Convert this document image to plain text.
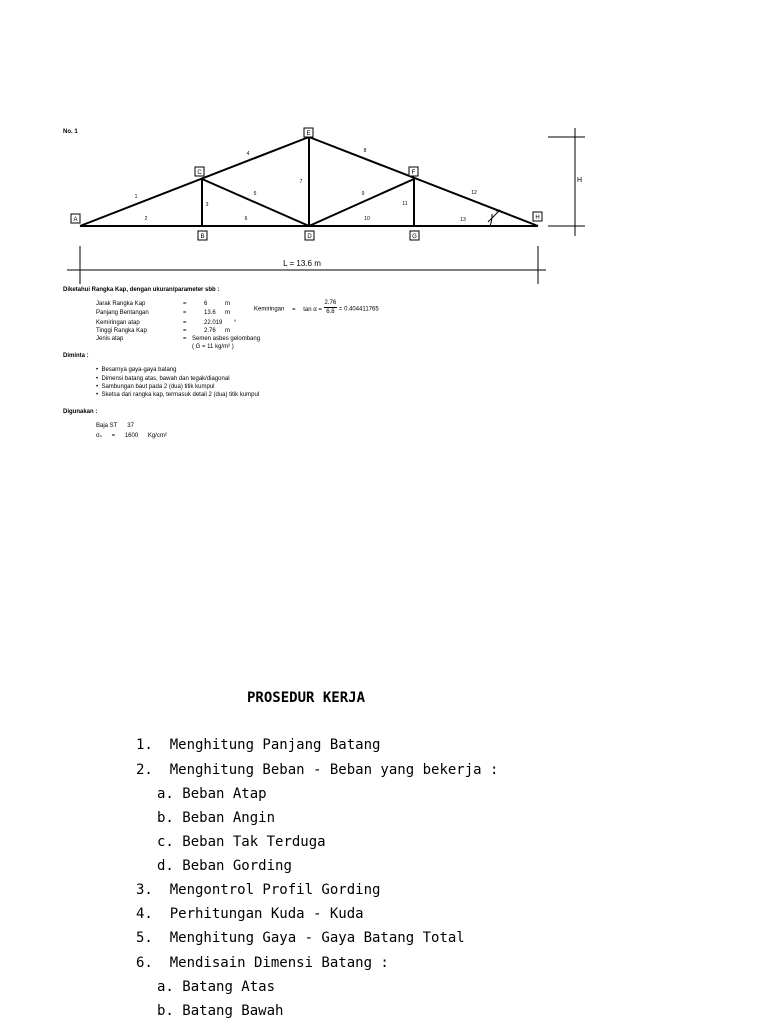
No. 1
A
B
C
D
E
F
G
H
1
2
3
4
5
6
7
8
9
10
11
12
13
H
L = 13.6 m
Diketahui Rangka Kap, dengan ukuran/parameter sbb :
Jarak Rangka Kap	=	6	m
Panjang Bentangan	=	13.6 m
Kemiringan atap	=	22.019 °
Tinggi Rangka Kap	=	2.76 m
Jenis atap	= Semen asbes gelombang
( G = 11 kg/m² )
Kemiringan = $\tan \alpha = \frac{2.76}{6.8} = 0.404411765$
Diminta :
•  Besarnya gaya-gaya batang
•  Dimensi batang atas, bawah dan tegak/diagonal
•  Sambungan baut pada 2 (dua) titik kumpul
•  Sketsa dari rangka kap, termasuk detail 2 (dua) titik kumpul
Digunakan :
Baja ST      37
σₛ = 1600 Kg/cm²
PROSEDUR KERJA
1. Menghitung Panjang Batang
2. Menghitung Beban - Beban yang bekerja :
a. Beban Atap
b. Beban Angin
c. Beban Tak Terduga
d. Beban Gording
3. Mengontrol Profil Gording
4. Perhitungan Kuda - Kuda
5. Menghitung Gaya - Gaya Batang Total
6. Mendisain Dimensi Batang :
a. Batang Atas
b. Batang Bawah
